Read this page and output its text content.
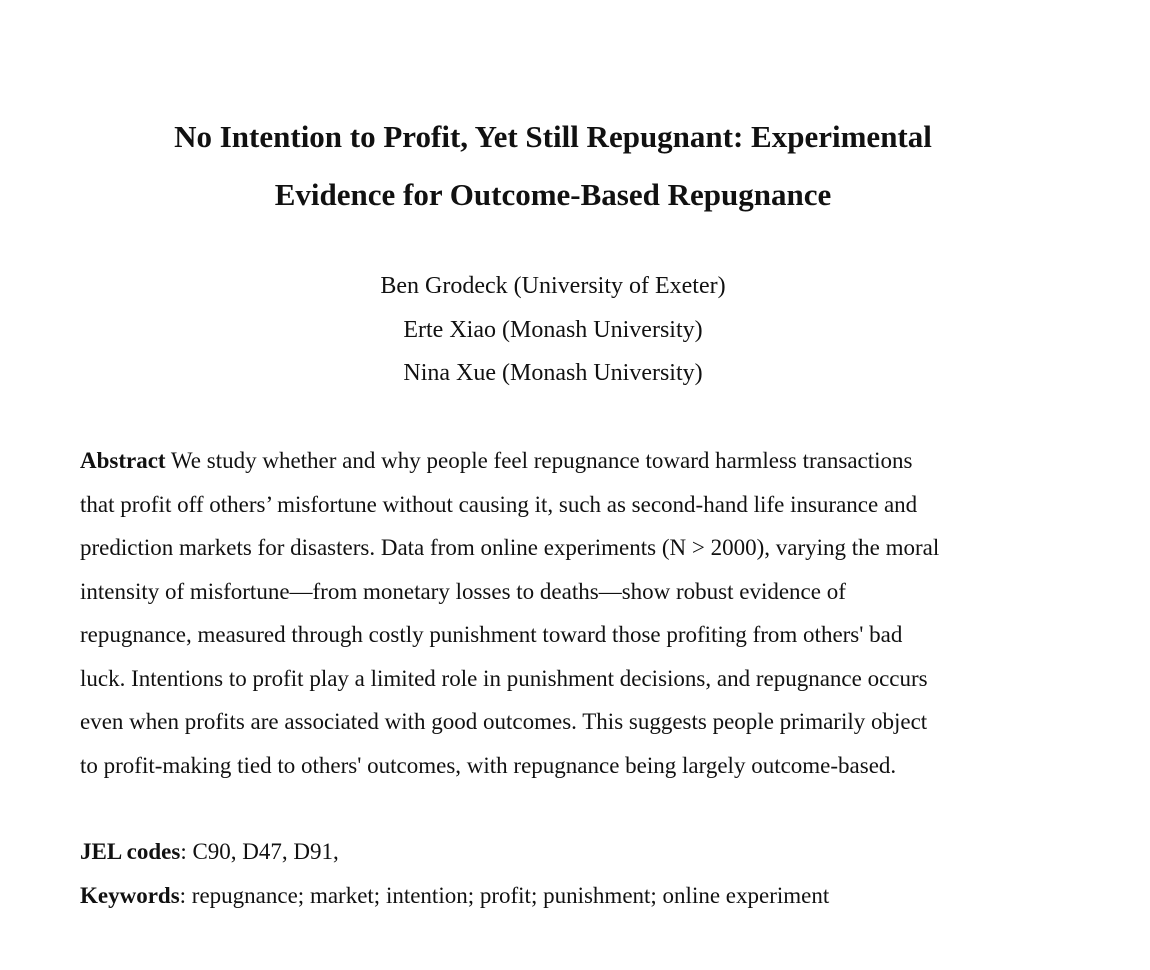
No Intention to Profit, Yet Still Repugnant: Experimental
Evidence for Outcome-Based Repugnance
Ben Grodeck (University of Exeter)
Erte Xiao (Monash University)
Nina Xue (Monash University)
Abstract We study whether and why people feel repugnance toward harmless transactions
that profit off others’ misfortune without causing it, such as second-hand life insurance and
prediction markets for disasters. Data from online experiments (N > 2000), varying the moral
intensity of misfortune—from monetary losses to deaths—show robust evidence of
repugnance, measured through costly punishment toward those profiting from others' bad
luck. Intentions to profit play a limited role in punishment decisions, and repugnance occurs
even when profits are associated with good outcomes. This suggests people primarily object
to profit-making tied to others' outcomes, with repugnance being largely outcome-based.
JEL codes: C90, D47, D91,
Keywords: repugnance; market; intention; profit; punishment; online experiment
